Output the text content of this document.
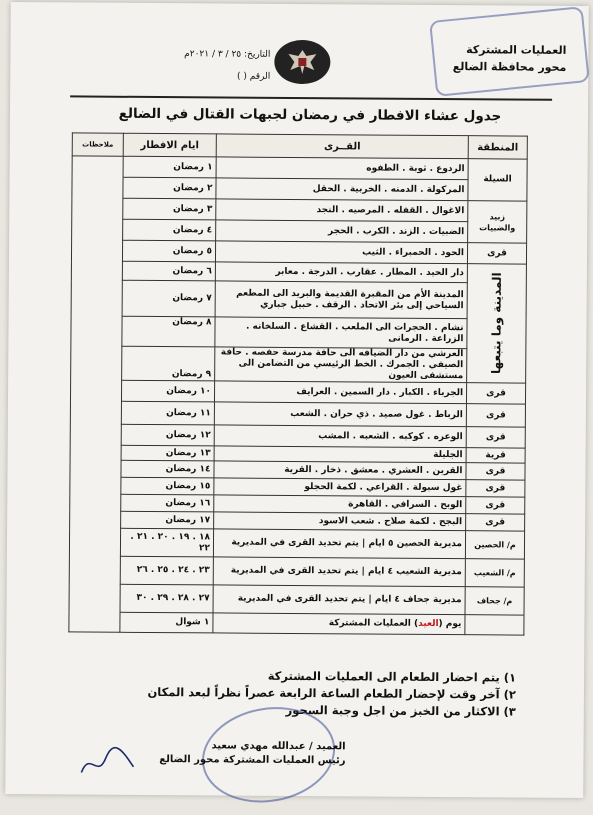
العمليات المشتركة
محور محافظة الضالع
التاريخ: ٢٥ / ٣ / ٢٠٢١م
الرقم ( )
جدول عشاء الافطار في رمضان لجبهات القتال في الضالع
المنطقة	القــرى	ايام الافطار	ملاحظات
السيلة	الردوع . ثوبة . الطفوه	١ رمضان	
	المركولة . الدمنه . الخربية . الحقل	٢ رمضان	
زبيد والضبيات	الاغوال . القفله . المرصيه . النجد	٣ رمضان	
	الضبيات . الزند . الكرب . الحجر	٤ رمضان	
قرى	الحود . الحمبراء . الثيب	٥ رمضان	

المدينة وما يتبعها	دار الحيد . المطار . عقارب . الدرجة . معابر	٦ رمضان	
	المدينة الأم من المقبرة القديمة والبريد الى المطعم السياحي إلى بئر الاتحاد . الرقف . حبيل جباري	٧ رمضان	
	نشام . الحجرات الى الملعب . القشاع . السلخانه . الزراعة . الرمانى	٨ رمضان	
	العرشي من دار الضيافه الى حافة مدرسة حفصه . حافة الصيفي . الجمرك . الخط الرئيسي من التضامن الى مستشفى العيون	٩ رمضان	
قرى	الجرباء . الكبار . دار السمين . العرايف	١٠ رمضان	
قرى	الرباط . غول صميد . ذي حران . الشعب	١١ رمضان	
قرى	الوعره . كوكبه . الشعبه . المشب	١٢ رمضان	
قرية	الجليلة	١٣ رمضان	
قرى	القرين . العشري . معشق . ذخار . القرية	١٤ رمضان	
قرى	غول سبولة . القراعي . لكمة الحجلو	١٥ رمضان	
قرى	الوبح . السرافي . القاهرة	١٦ رمضان	
قرى	البجح . لكمة صلاح . شعب الاسود	١٧ رمضان	
م/ الحصين	مديرية الحصين ٥ ايام | يتم تحديد القرى في المديرية	١٨ . ١٩ . ٢٠ . ٢١ . ٢٢	
م/ الشعيب	مديرية الشعيب ٤ ايام | يتم تحديد القرى في المديرية	٢٣ . ٢٤ . ٢٥ . ٢٦	
م/ جحاف	مديرية جحاف ٤ ايام | يتم تحديد القرى في المديرية	٢٧ . ٢٨ . ٢٩ . ٣٠	
	يوم (العيد) العمليات المشتركة	١ شوال	
١) يتم احضار الطعام الى العمليات المشتركة
٢) آخر وقت لإحضار الطعام الساعة الرابعة عصراً نظراً لبعد المكان
٣) الاكثار من الخبز من اجل وجبة السحور
العميد / عبدالله مهدي سعيد
رئيس العمليات المشتركة محور الضالع
